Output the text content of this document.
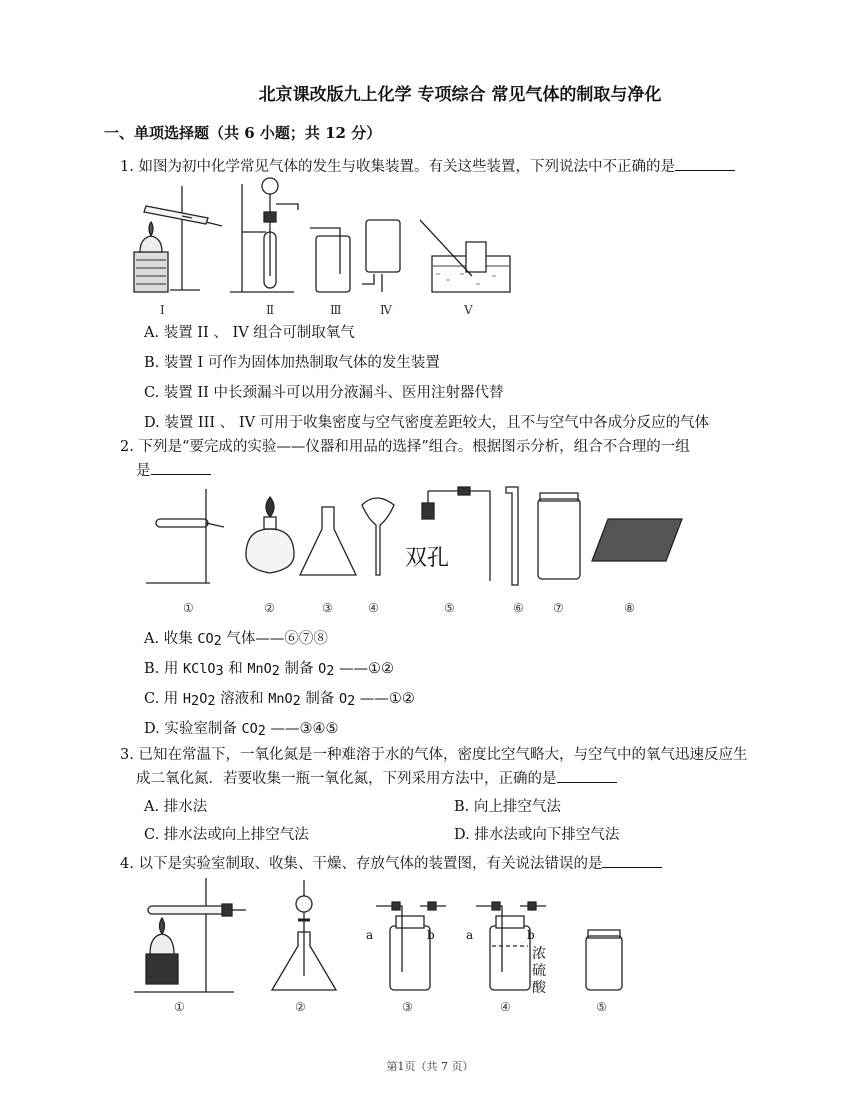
北京课改版九上化学 专项综合 常见气体的制取与净化
一、单项选择题（共 6 小题；共 12 分）
1. 如图为初中化学常见气体的发生与收集装置。有关这些装置，下列说法中不正确的是
Ⅰ	Ⅱ	Ⅲ	Ⅳ	Ⅴ
A. 装置 II 、 IV 组合可制取氧气
B. 装置 I 可作为固体加热制取气体的发生装置
C. 装置 II 中长颈漏斗可以用分液漏斗、医用注射器代替
D. 装置 III 、 IV 可用于收集密度与空气密度差距较大，且不与空气中各成分反应的气体
2. 下列是“要完成的实验——仪器和用品的选择”组合。根据图示分析，组合不合理的一组
是
双孔
①	②	③	④	⑤	⑥ ⑦	⑧
A. 收集 CO2 气体——⑥⑦⑧
B. 用 KClO3 和 MnO2 制备 O2 ——①②
C. 用 H2O2 溶液和 MnO2 制备 O2 ——①②
D. 实验室制备 CO2 ——③④⑤
3. 已知在常温下，一氧化氮是一种难溶于水的气体，密度比空气略大，与空气中的氧气迅速反应生
成二氧化氮．若要收集一瓶一氧化氮，下列采用方法中，正确的是
A. 排水法	B. 向上排空气法
C. 排水法或向上排空气法	D. 排水法或向下排空气法
4. 以下是实验室制取、收集、干燥、存放气体的装置图，有关说法错误的是
a	b	a	b
浓
硫
酸
①	②	③	④	⑤
第1页（共 7 页）
